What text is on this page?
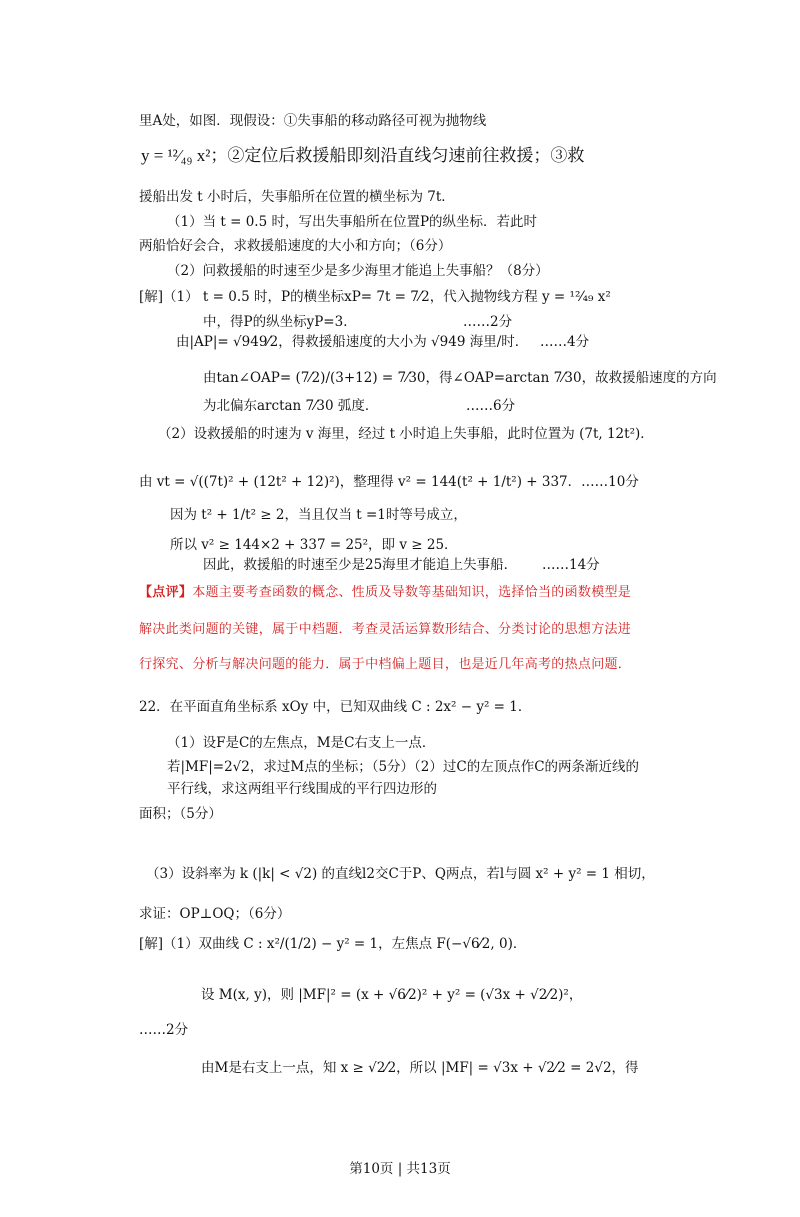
里A处，如图．现假设：①失事船的移动路径可视为抛物线
y = ¹²⁄₄₉ x²；②定位后救援船即刻沿直线匀速前往救援；③救
援船出发 t 小时后，失事船所在位置的横坐标为 7t．
（1）当 t = 0.5 时，写出失事船所在位置P的纵坐标．若此时
两船恰好会合，求救援船速度的大小和方向；（6分）
（2）问救援船的时速至少是多少海里才能追上失事船？（8分）
[解]（1） t = 0.5 时，P的横坐标xP= 7t = 7⁄2，代入抛物线方程 y = ¹²⁄₄₉ x²
中，得P的纵坐标yP=3．	……2分
由|AP|= √949⁄2，得救援船速度的大小为 √949 海里/时． ……4分
由tan∠OAP= (7⁄2)/(3+12) = 7⁄30，得∠OAP=arctan 7⁄30，故救援船速度的方向
为北偏东arctan 7⁄30 弧度．	……6分
（2）设救援船的时速为 v 海里，经过 t 小时追上失事船，此时位置为 (7t, 12t²)．
由 vt = √((7t)² + (12t² + 12)²)，整理得 v² = 144(t² + 1/t²) + 337．……10分
因为 t² + 1/t² ≥ 2，当且仅当 t =1时等号成立，
所以 v² ≥ 144×2 + 337 = 25²，即 v ≥ 25．
因此，救援船的时速至少是25海里才能追上失事船． ……14分
【点评】本题主要考查函数的概念、性质及导数等基础知识，选择恰当的函数模型是
解决此类问题的关键，属于中档题．考查灵活运算数形结合、分类讨论的思想方法进
行探究、分析与解决问题的能力．属于中档偏上题目，也是近几年高考的热点问题．
22．在平面直角坐标系 xOy 中，已知双曲线 C : 2x² − y² = 1．
（1）设F是C的左焦点，M是C右支上一点．
若|MF|=2√2，求过M点的坐标；（5分）（2）过C的左顶点作C的两条渐近线的
平行线，求这两组平行线围成的平行四边形的
面积；（5分）
（3）设斜率为 k (|k| < √2) 的直线l2交C于P、Q两点，若l与圆 x² + y² = 1 相切，
求证：OP⊥OQ；（6分）
[解]（1）双曲线 C : x²/(1/2) − y² = 1，左焦点 F(−√6⁄2, 0)．
设 M(x, y)，则 |MF|² = (x + √6⁄2)² + y² = (√3x + √2⁄2)²，
……2分
由M是右支上一点，知 x ≥ √2⁄2，所以 |MF| = √3x + √2⁄2 = 2√2，得
第10页 | 共13页
